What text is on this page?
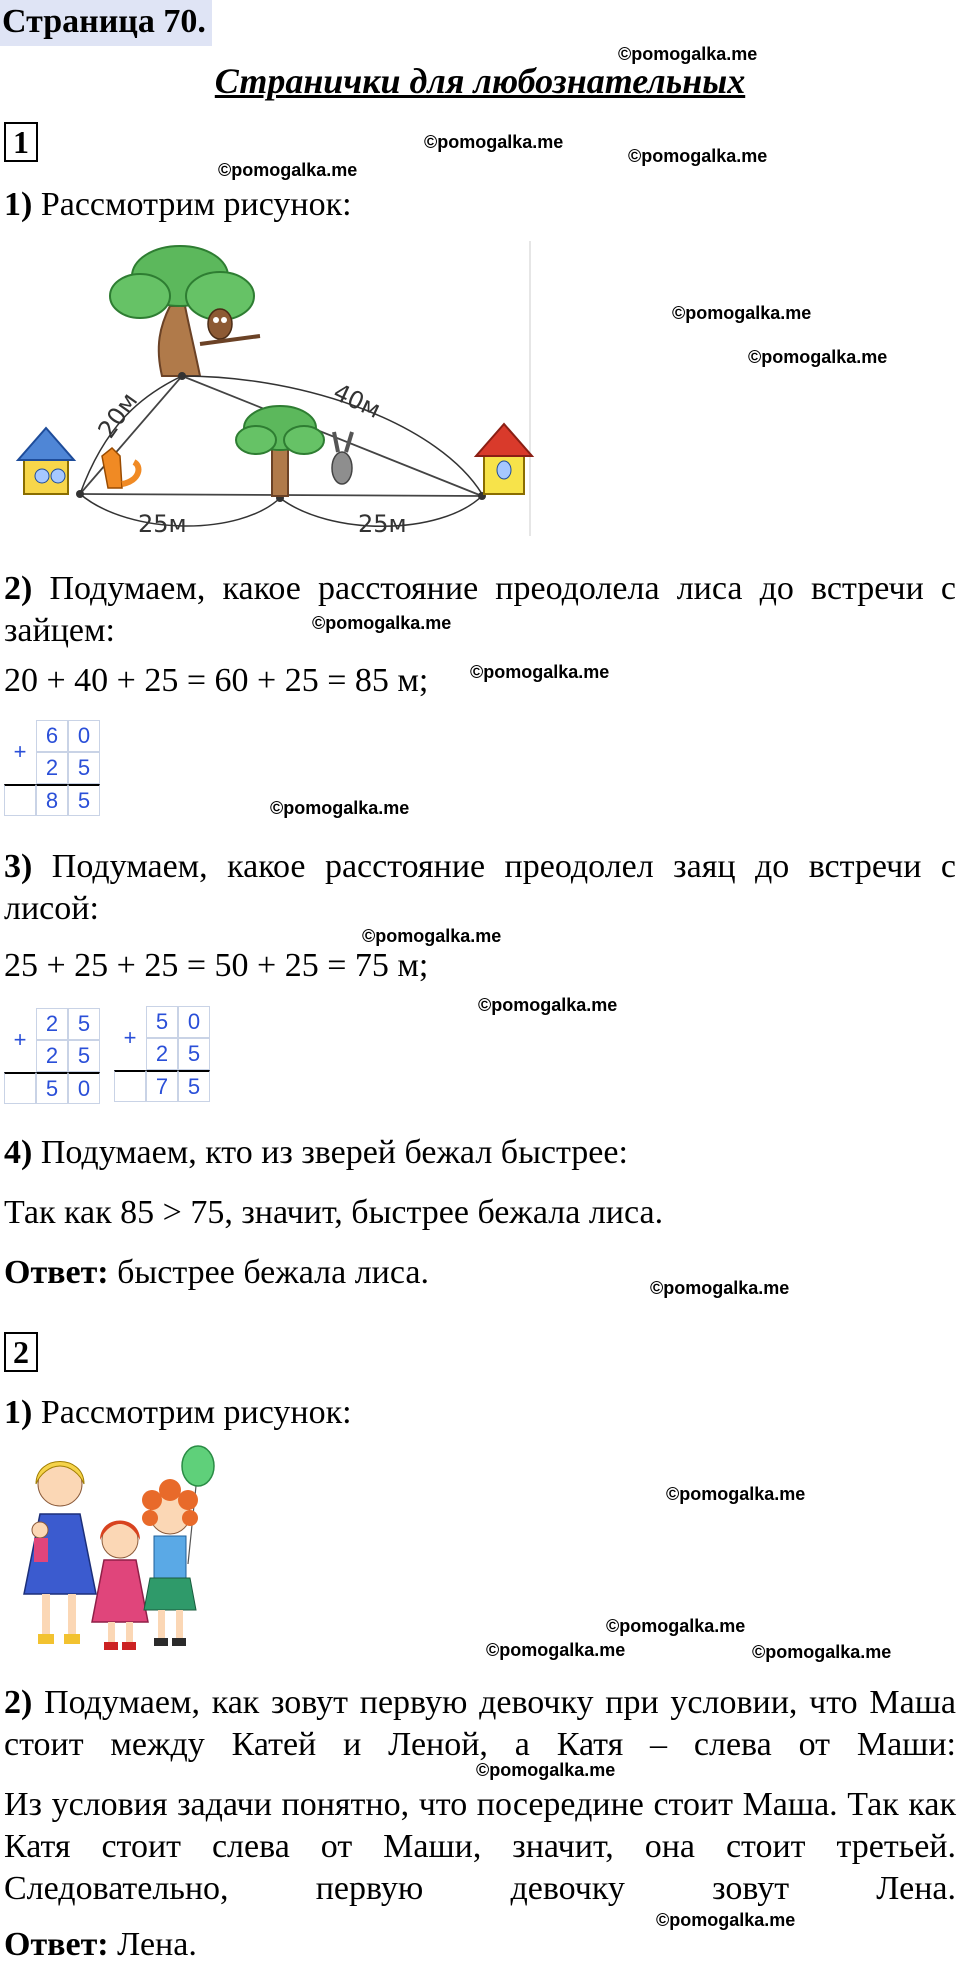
Страница 70.
Странички для любознательных
©pomogalka.me
©pomogalka.me
©pomogalka.me
©pomogalka.me
©pomogalka.me
©pomogalka.me
©pomogalka.me
©pomogalka.me
©pomogalka.me
©pomogalka.me
©pomogalka.me
©pomogalka.me
©pomogalka.me
©pomogalka.me
©pomogalka.me	©pomogalka.me
©pomogalka.me
©pomogalka.me
1
1) Рассмотрим рисунок:
20м	40м
25м	25м
2) Подумаем, какое расстояние преодолела лиса до встречи с зайцем:
20 + 40 + 25 = 60 + 25 = 85 м;
+
6 0
2 5
8 5
3) Подумаем, какое расстояние преодолел заяц до встречи с лисой:
25 + 25 + 25 = 50 + 25 = 75 м;
+
2 5
2 5
5 0
+
5 0
2 5
7 5
4) Подумаем, кто из зверей бежал быстрее:
Так как 85 > 75, значит, быстрее бежала лиса.
Ответ: быстрее бежала лиса.
2
1) Рассмотрим рисунок:
2) Подумаем, как зовут первую девочку при условии, что Маша стоит между Катей и Леной, а Катя – слева от Маши:
Из условия задачи понятно, что посередине стоит Маша. Так как Катя стоит слева от Маши, значит, она стоит третьей. Следовательно, первую девочку зовут Лена.
Ответ: Лена.
